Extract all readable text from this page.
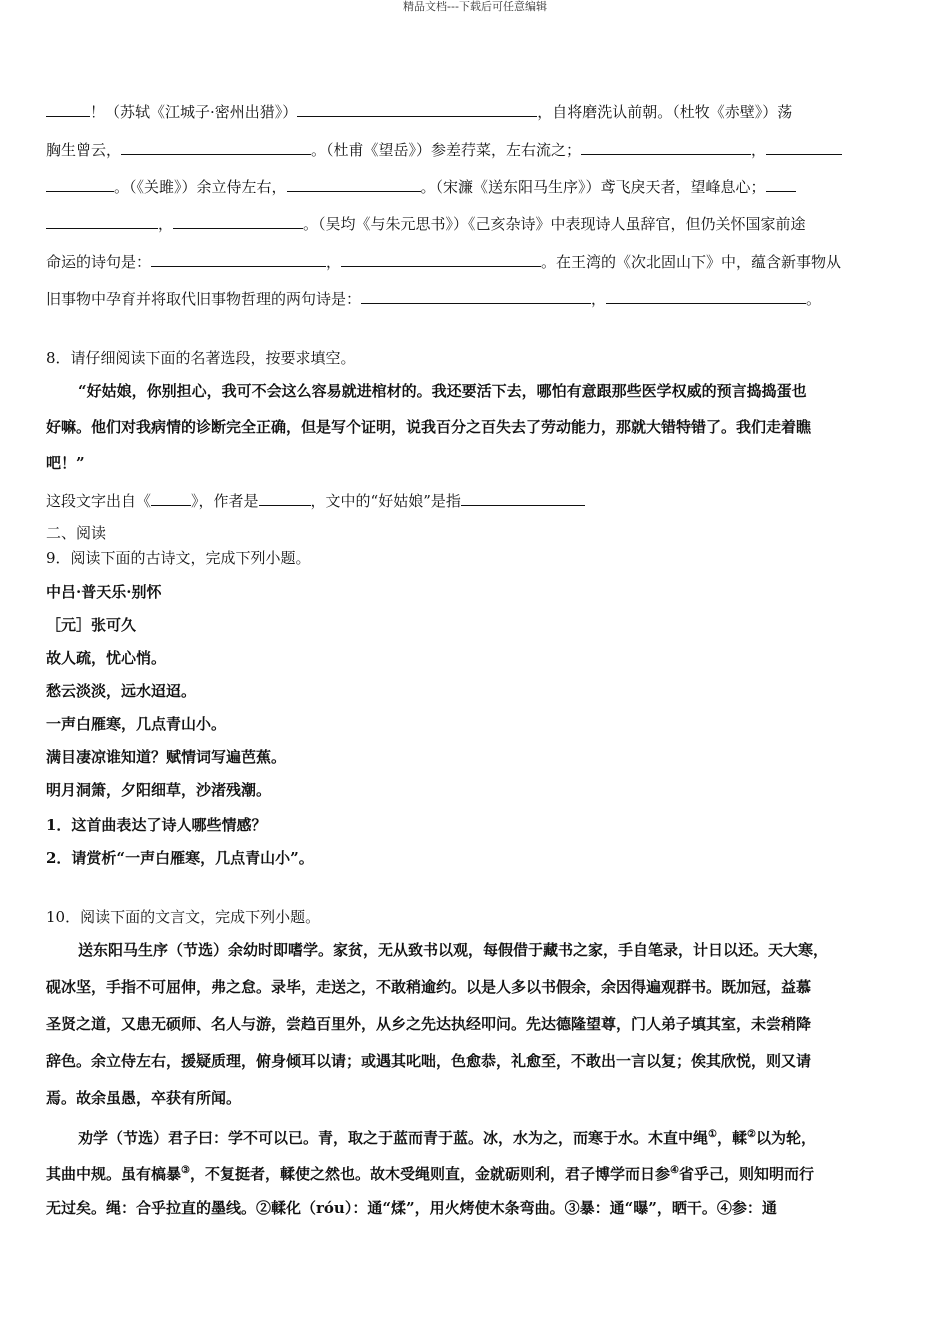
精品文档---下载后可任意编辑
！（苏轼《江城子·密州出猎》）	，自将磨洗认前朝。（杜牧《赤壁》）荡
胸生曾云，	。（杜甫《望岳》）参差荇菜，左右流之；	，
。（《关雎》）余立侍左右，	。（宋濂《送东阳马生序》）鸢飞戾天者，望峰息心；
，	。（吴均《与朱元思书》）《己亥杂诗》中表现诗人虽辞官，但仍关怀国家前途
命运的诗句是：	，	。在王湾的《次北固山下》中，蕴含新事物从
旧事物中孕育并将取代旧事物哲理的两句诗是：	，	。
8．请仔细阅读下面的名著选段，按要求填空。
“好姑娘，你别担心，我可不会这么容易就进棺材的。我还要活下去，哪怕有意跟那些医学权威的预言捣捣蛋也
好嘛。他们对我病情的诊断完全正确，但是写个证明，说我百分之百失去了劳动能力，那就大错特错了。我们走着瞧
吧！”
这段文字出自《	》，作者是	，文中的“好姑娘”是指
二、阅读
9．阅读下面的古诗文，完成下列小题。
中吕·普天乐·别怀
［元］张可久
故人疏，忧心悄。
愁云淡淡，远水迢迢。
一声白雁寒，几点青山小。
满目凄凉谁知道？赋情词写遍芭蕉。
明月洞箫，夕阳细草，沙渚残潮。
1．这首曲表达了诗人哪些情感？
2．请赏析“一声白雁寒，几点青山小”。
10．阅读下面的文言文，完成下列小题。
送东阳马生序（节选）余幼时即嗜学。家贫，无从致书以观，每假借于藏书之家，手自笔录，计日以还。天大寒，
砚冰坚，手指不可屈伸，弗之怠。录毕，走送之，不敢稍逾约。以是人多以书假余，余因得遍观群书。既加冠，益慕
圣贤之道，又患无硕师、名人与游，尝趋百里外，从乡之先达执经叩问。先达德隆望尊，门人弟子填其室，未尝稍降
辞色。余立侍左右，援疑质理，俯身倾耳以请；或遇其叱咄，色愈恭，礼愈至，不敢出一言以复；俟其欣悦，则又请
焉。故余虽愚，卒获有所闻。
劝学（节选）君子曰：学不可以已。青，取之于蓝而青于蓝。冰，水为之，而寒于水。木直中绳①，輮②以为轮，
其曲中规。虽有槁暴③，不复挺者，輮使之然也。故木受绳则直，金就砺则利，君子博学而日参④省乎己，则知明而行
无过矣。绳：合乎拉直的墨线。②輮化（róu）：通“煣”，用火烤使木条弯曲。③暴：通“曝”，晒干。④参：通
